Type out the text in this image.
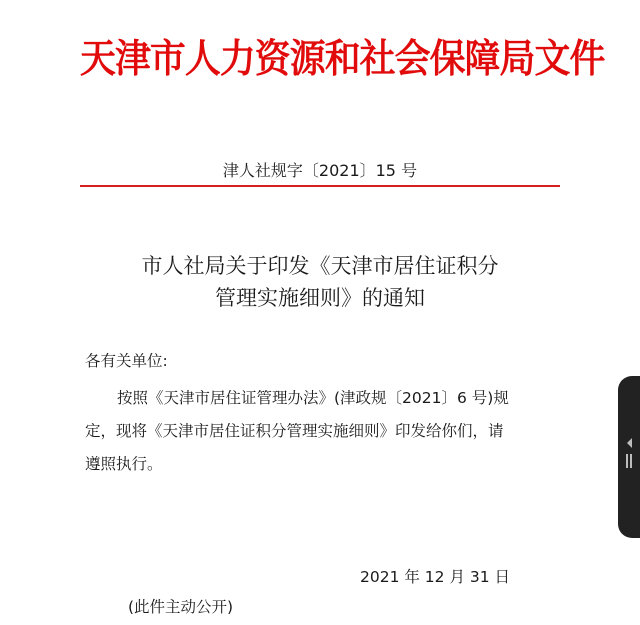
天津市人力资源和社会保障局文件
津人社规字〔2021〕15 号
市人社局关于印发《天津市居住证积分
管理实施细则》的通知
各有关单位:
按照《天津市居住证管理办法》(津政规〔2021〕6 号)规
定，现将《天津市居住证积分管理实施细则》印发给你们，请
遵照执行。
2021 年 12 月 31 日
(此件主动公开)
